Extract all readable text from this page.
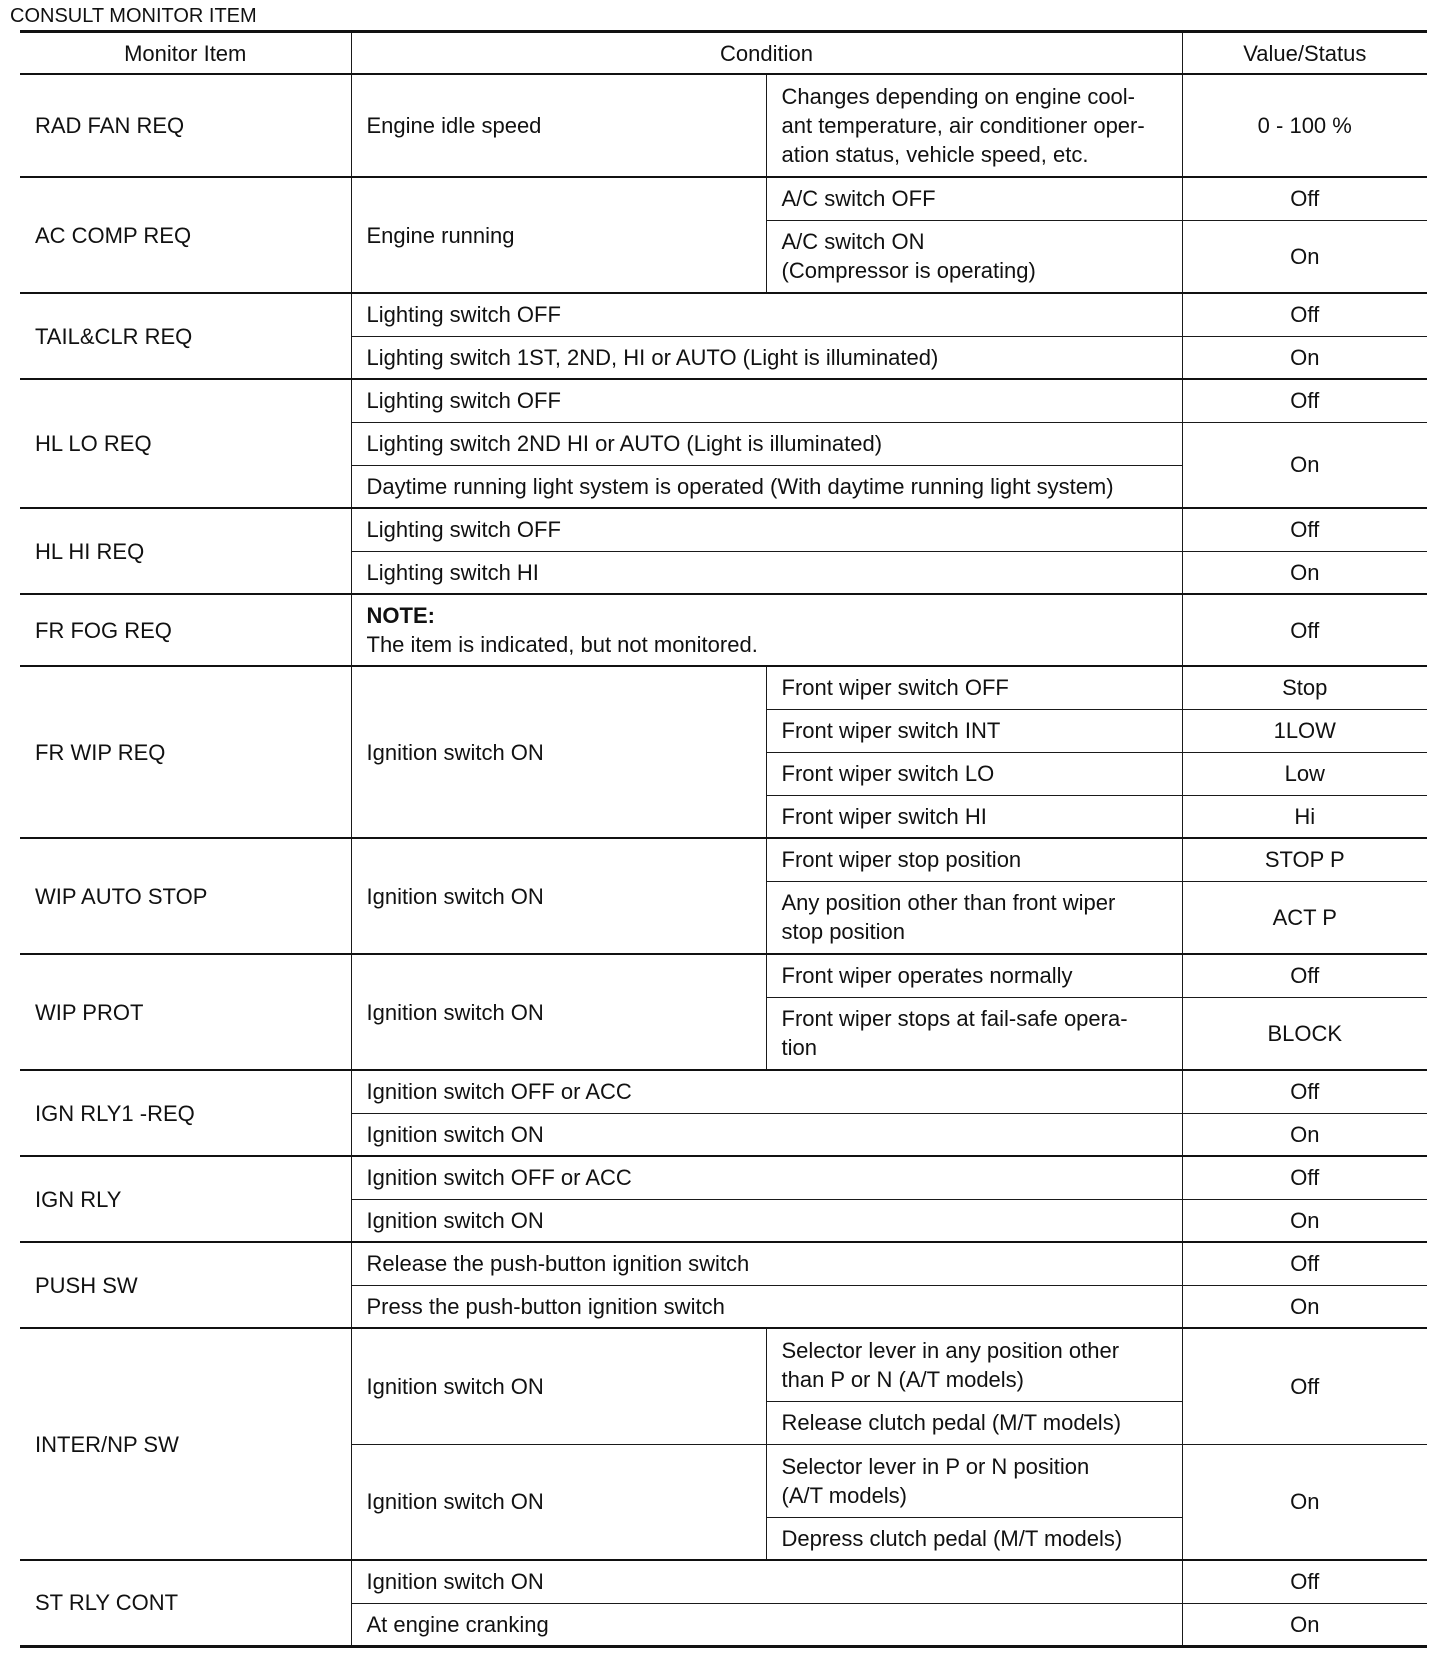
CONSULT MONITOR ITEM
Monitor Item	Condition		Value/Status
RAD FAN REQ	Engine idle speed	Changes depending on engine cool-
ant temperature, air conditioner oper-
ation status, vehicle speed, etc.	0 - 100 %
AC COMP REQ	Engine running	A/C switch OFF	Off
		A/C switch ON
(Compressor is operating)	On
TAIL&CLR REQ	Lighting switch OFF		Off
	Lighting switch 1ST, 2ND, HI or AUTO (Light is illuminated)		On
HL LO REQ	Lighting switch OFF		Off
	Lighting switch 2ND HI or AUTO (Light is illuminated)		On
	Daytime running light system is operated (With daytime running light system)		
HL HI REQ	Lighting switch OFF		Off
	Lighting switch HI		On
FR FOG REQ	NOTE:
The item is indicated, but not monitored.		Off
FR WIP REQ	Ignition switch ON	Front wiper switch OFF	Stop
		Front wiper switch INT	1LOW
		Front wiper switch LO	Low
		Front wiper switch HI	Hi
WIP AUTO STOP	Ignition switch ON	Front wiper stop position	STOP P
		Any position other than front wiper
stop position	ACT P
WIP PROT	Ignition switch ON	Front wiper operates normally	Off
		Front wiper stops at fail-safe opera-
tion	BLOCK
IGN RLY1 -REQ	Ignition switch OFF or ACC		Off
	Ignition switch ON		On
IGN RLY	Ignition switch OFF or ACC		Off
	Ignition switch ON		On
PUSH SW	Release the push-button ignition switch		Off
	Press the push-button ignition switch		On
INTER/NP SW	Ignition switch ON	Selector lever in any position other
than P or N (A/T models)	Off
		Release clutch pedal (M/T models)	
	Ignition switch ON	Selector lever in P or N position
(A/T models)	On
		Depress clutch pedal (M/T models)	
ST RLY CONT	Ignition switch ON		Off
	At engine cranking		On
